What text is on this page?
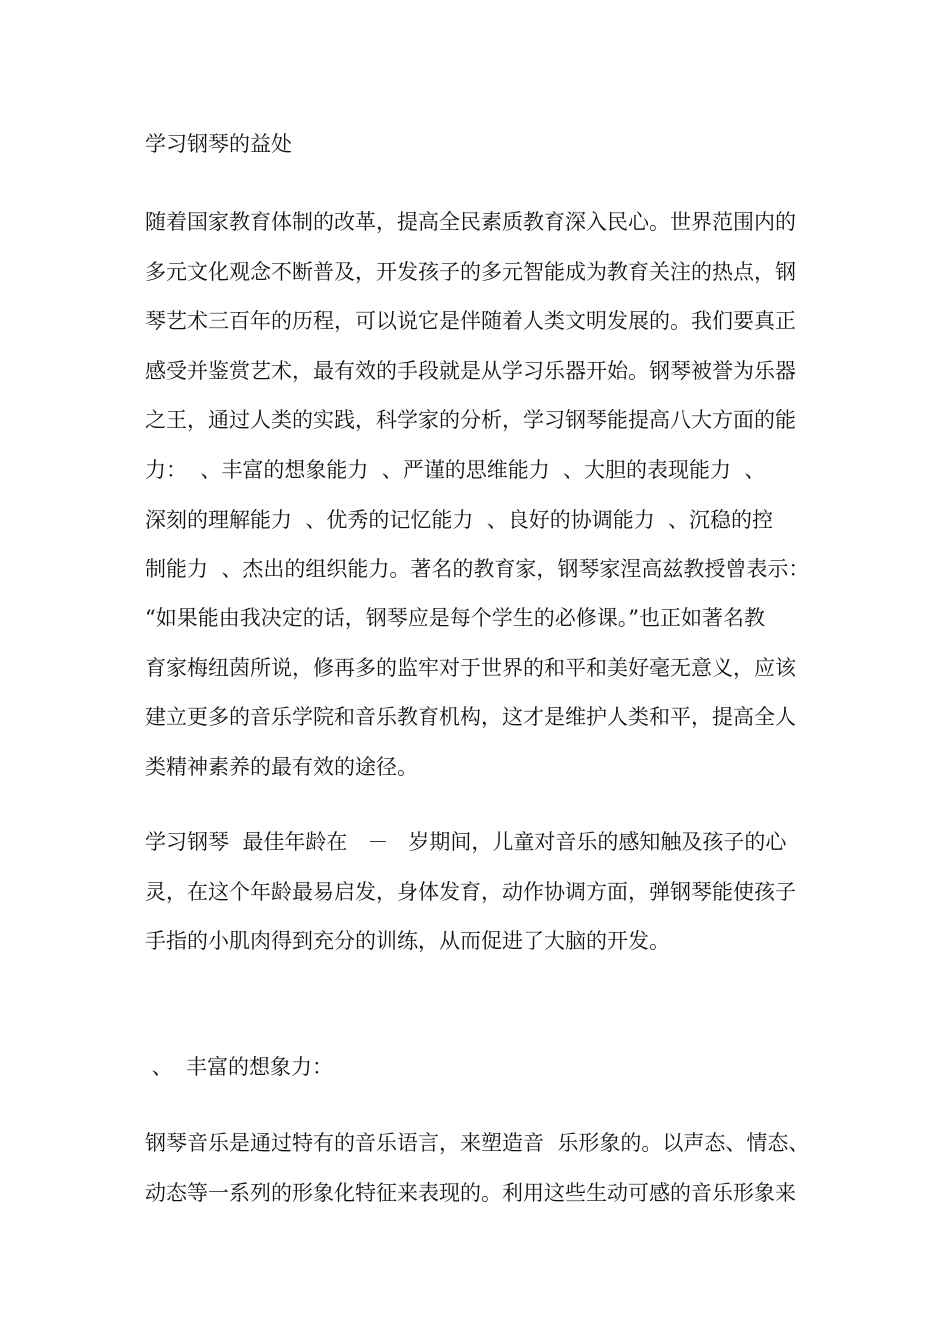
学习钢琴的益处
随着国家教育体制的改革，提高全民素质教育深入民心。世界范围内的
多元文化观念不断普及，开发孩子的多元智能成为教育关注的热点，钢
琴艺术三百年的历程，可以说它是伴随着人类文明发展的。我们要真正
感受并鉴赏艺术，最有效的手段就是从学习乐器开始。钢琴被誉为乐器
之王，通过人类的实践，科学家的分析，学习钢琴能提高八大方面的能
力：  、丰富的想象能力  、严谨的思维能力  、大胆的表现能力  、
深刻的理解能力  、优秀的记忆能力  、良好的协调能力  、沉稳的控
制能力  、杰出的组织能力。著名的教育家，钢琴家涅高兹教授曾表示：
“如果能由我决定的话，钢琴应是每个学生的必修课。”也正如著名教
育家梅纽茵所说，修再多的监牢对于世界的和平和美好毫无意义，应该
建立更多的音乐学院和音乐教育机构，这才是维护人类和平，提高全人
类精神素养的最有效的途径。
学习钢琴  最佳年龄在   －   岁期间，儿童对音乐的感知触及孩子的心
灵，在这个年龄最易启发，身体发育，动作协调方面，弹钢琴能使孩子
手指的小肌肉得到充分的训练，从而促进了大脑的开发。
、  丰富的想象力：
钢琴音乐是通过特有的音乐语言，来塑造音  乐形象的。以声态、情态、
动态等一系列的形象化特征来表现的。利用这些生动可感的音乐形象来
